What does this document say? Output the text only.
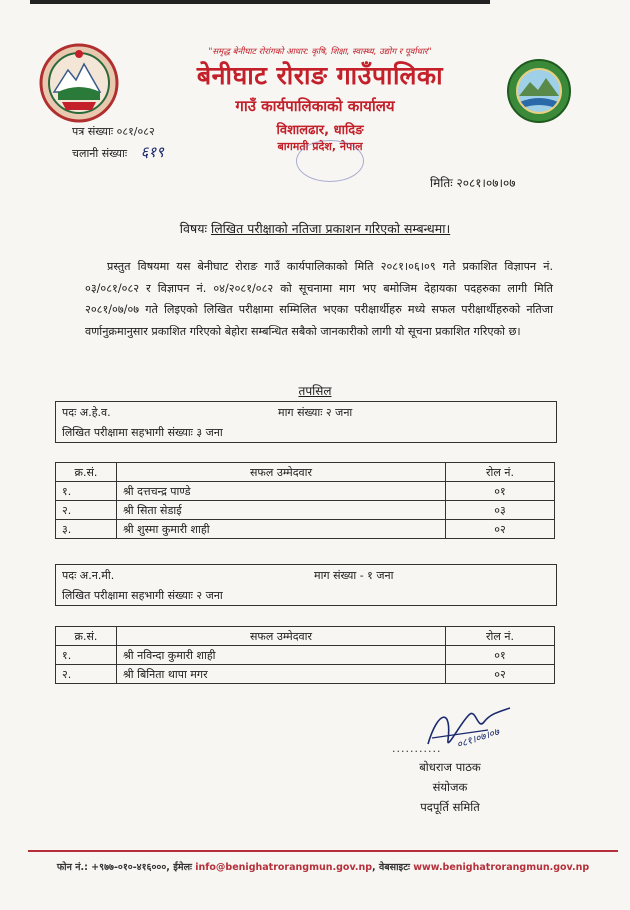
"समृद्ध बेनीघाट रोरांगको आधार: कृषि, शिक्षा, स्वास्थ्य, उद्योग र पूर्वाधार"
बेनीघाट रोराङ गाउँपालिका
गाउँ कार्यपालिकाको कार्यालय
विशालढार, धादिङ
बागमती प्रदेश, नेपाल
पत्र संख्याः ०८१/०८२
चलानी संख्याः ६१९
मितिः २०८१।०७।०७
विषयः लिखित परीक्षाको नतिजा प्रकाशन गरिएको सम्बन्धमा।
प्रस्तुत विषयमा यस बेनीघाट रोराङ गाउँ कार्यपालिकाको मिति २०८१।०६।०९ गते प्रकाशित विज्ञापन नं. ०३/०८१/०८२ र विज्ञापन नं. ०४/२०८१/०८२ को सूचनामा माग भए बमोजिम देहायका पदहरुका लागी मिति २०८१/०७/०७ गते लिइएको लिखित परीक्षामा सम्मिलित भएका परीक्षार्थीहरु मध्ये सफल परीक्षार्थीहरुको नतिजा वर्णानुक्रमानुसार प्रकाशित गरिएको बेहोरा सम्बन्धित सबैको जानकारीको लागी यो सूचना प्रकाशित गरिएको छ।
तपसिल
पदः अ.हे.व.	माग संख्याः २ जना
लिखित परीक्षामा सहभागी संख्याः ३ जना
क्र.सं.	सफल उम्मेदवार	रोल नं.
१.	श्री दत्तचन्द्र पाण्डे	०१
२.	श्री सिता सेडाई	०३
३.	श्री शुस्मा कुमारी शाही	०२
पदः अ.न.मी.	माग संख्या - १ जना
लिखित परीक्षामा सहभागी संख्याः २ जना
क्र.सं.	सफल उम्मेदवार	रोल नं.
१.	श्री नविन्दा कुमारी शाही	०१
२.	श्री बिनिता थापा मगर	०२
०८१।०७।०७
...........
बोधराज पाठक
संयोजक
पदपूर्ति समिति
फोन नं.: +९७७-०१०-४१६०००, ईमेलः info@benighatrorangmun.gov.np, वेबसाइटः www.benighatrorangmun.gov.np
